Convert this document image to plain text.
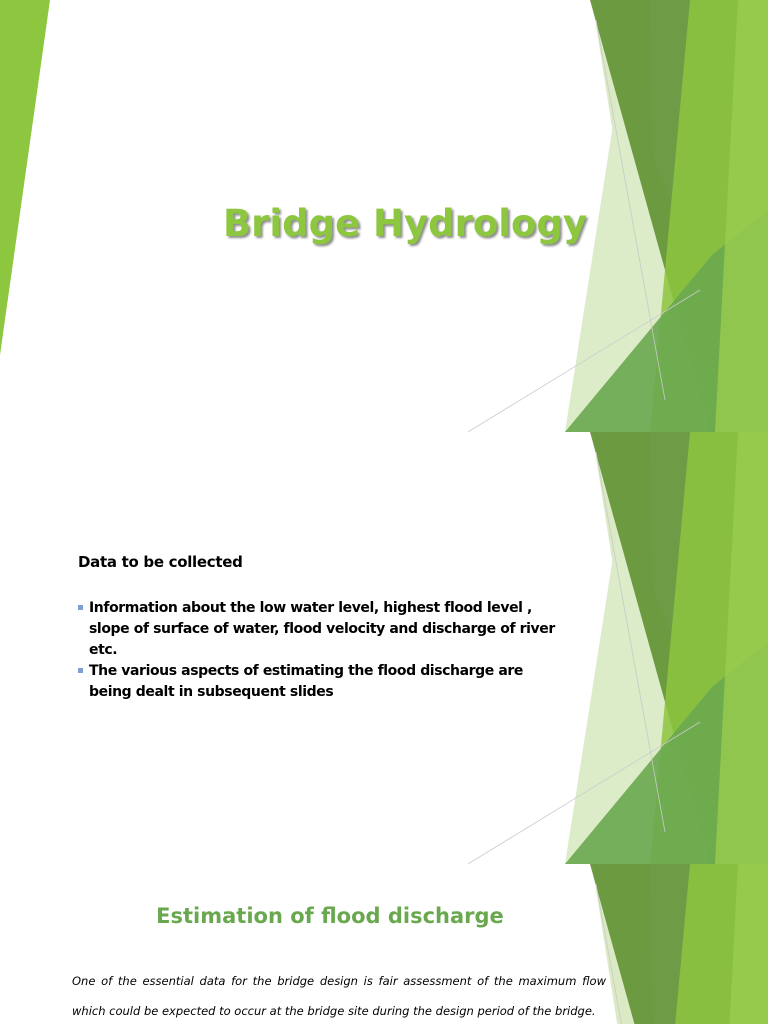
Bridge Hydrology
Data to be collected
Information about the low water level, highest flood level , slope of surface of water, flood velocity and discharge of river etc.
The various aspects of estimating the flood discharge are being dealt in subsequent slides
Estimation of flood discharge

One of the essential data for the bridge design is fair assessment of the maximum flow which could be expected to occur at the bridge site during the design period of the bridge.
